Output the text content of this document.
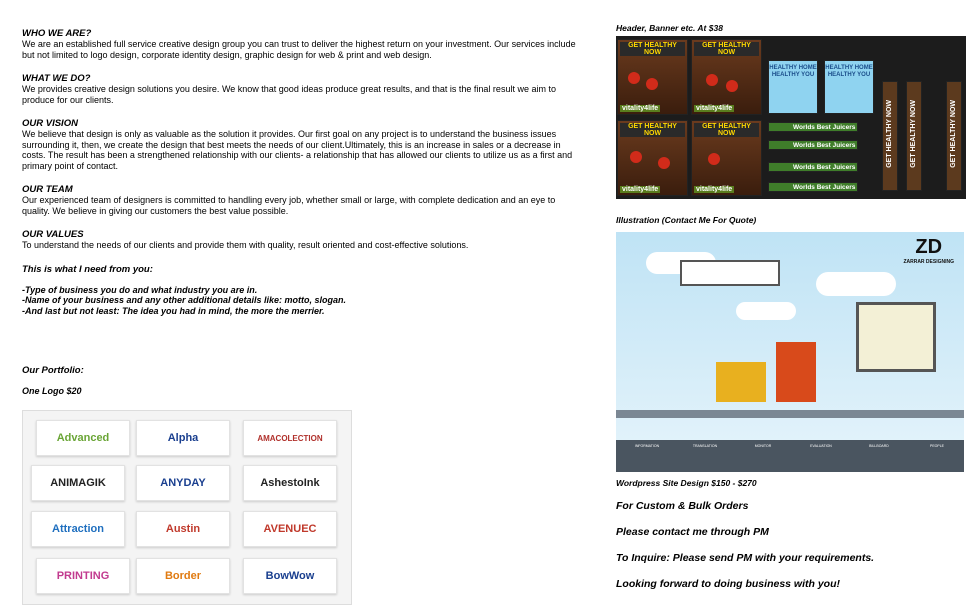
WHO WE ARE?
We are an established full service creative design group you can trust to deliver the highest return on your investment. Our services include but not limited to logo design, corporate identity design, graphic design for web & print and web design.
WHAT WE DO?
We provides creative design solutions you desire. We know that good ideas produce great results, and that is the final result we aim to produce for our clients.
OUR VISION
We believe that design is only as valuable as the solution it provides. Our first goal on any project is to understand the business issues surrounding it, then, we create the design that best meets the needs of our client.Ultimately, this is an increase in sales or a decrease in costs. The result has been a strengthened relationship with our clients- a relationship that has allowed our clients to utilize us as a first and primary point of contact.
OUR TEAM
Our experienced team of designers is committed to handling every job, whether small or large, with complete dedication and an eye to quality. We believe in giving our customers the best value possible.
OUR VALUES
To understand the needs of our clients and provide them with quality, result oriented and cost-effective solutions.
This is what I need from you:
-Type of business you do and what industry you are in.
-Name of your business and any other additional details like: motto, slogan.
-And last but not least: The idea you had in mind, the more the merrier.
Our Portfolio:
One Logo $20
Advanced	Alpha	AMACOLECTION
ANIMAGIK	ANYDAY	AshestoInk
Attraction	Austin	AVENUEC
PRINTING	Border	BowWow
Header, Banner etc. At $38
GET HEALTHY NOW
vitality4life
GET HEALTHY NOW
vitality4life
GET HEALTHY NOW
vitality4life
GET HEALTHY NOW
vitality4life
HEALTHY HOME HEALTHY YOU
HEALTHY HOME HEALTHY YOU
Worlds Best Juicers
Worlds Best Juicers
Worlds Best Juicers
Worlds Best Juicers
GET HEALTHY NOW GET HEALTHY NOW	GET HEALTHY NOW
Illustration (Contact Me For Quote)
ZD
ZARRAR DESIGNING
INFORMATION	TRANSLATION	MONITOR	EVALUATION	BILLBOARD	PEOPLE
Wordpress Site Design $150 - $270
For Custom & Bulk Orders
Please contact me through PM
To Inquire: Please send PM with your requirements.
Looking forward to doing business with you!
